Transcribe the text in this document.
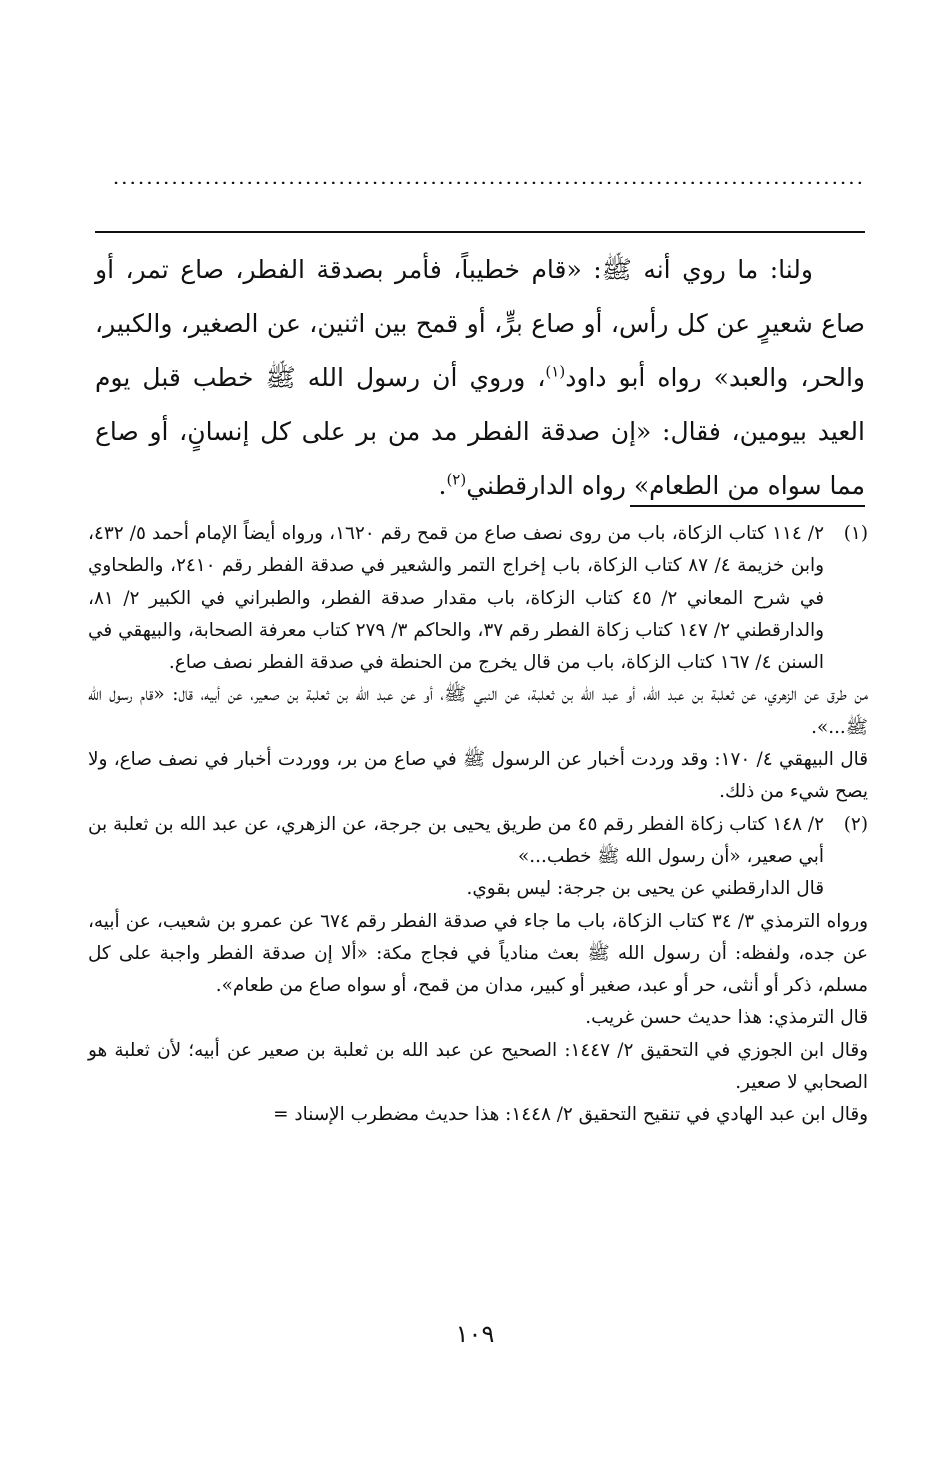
..........................................................................................

ولنا: ما روي أنه ﷺ: «قام خطيباً، فأمر بصدقة الفطر، صاع تمر، أو صاع شعيرٍ عن كل رأس، أو صاع برٍّ، أو قمح بين اثنين، عن الصغير، والكبير، والحر، والعبد» رواه أبو داود$^{(١)}$، وروي أن رسول الله ﷺ خطب قبل يوم العيد بيومين، فقال: «إن صدقة الفطر مد من بر على كل إنسانٍ، أو صاع مما سواه من الطعام» رواه الدارقطني$^{(٢)}$.

(١)

٢/ ١١٤ كتاب الزكاة، باب من روى نصف صاع من قمح رقم ١٦٢٠، ورواه أيضاً الإمام أحمد ٥/ ٤٣٢، وابن خزيمة ٤/ ٨٧ كتاب الزكاة، باب إخراج التمر والشعير في صدقة الفطر رقم ٢٤١٠، والطحاوي في شرح المعاني ٢/ ٤٥ كتاب الزكاة، باب مقدار صدقة الفطر، والطبراني في الكبير ٢/ ٨١، والدارقطني ٢/ ١٤٧ كتاب زكاة الفطر رقم ٣٧، والحاكم ٣/ ٢٧٩ كتاب معرفة الصحابة، والبيهقي في السنن ٤/ ١٦٧ كتاب الزكاة، باب من قال يخرج من الحنطة في صدقة الفطر نصف صاع.

من طرق عن الزهري، عن ثعلبة بن عبد الله، أو عبد الله بن ثعلبة، عن النبي ﷺ، أو عن عبد الله بن ثعلبة بن صعير، عن أبيه، قال: «قام رسول الله ﷺ...».

قال البيهقي ٤/ ١٧٠: وقد وردت أخبار عن الرسول ﷺ في صاع من بر، ووردت أخبار في نصف صاع، ولا يصح شيء من ذلك.

(٢)

٢/ ١٤٨ كتاب زكاة الفطر رقم ٤٥ من طريق يحيى بن جرجة، عن الزهري، عن عبد الله بن ثعلبة بن أبي صعير، «أن رسول الله ﷺ خطب...»

قال الدارقطني عن يحيى بن جرجة: ليس بقوي.

ورواه الترمذي ٣/ ٣٤ كتاب الزكاة، باب ما جاء في صدقة الفطر رقم ٦٧٤ عن عمرو بن شعيب، عن أبيه، عن جده، ولفظه: أن رسول الله ﷺ بعث منادياً في فجاج مكة: «ألا إن صدقة الفطر واجبة على كل مسلم، ذكر أو أنثى، حر أو عبد، صغير أو كبير، مدان من قمح، أو سواه صاع من طعام».

قال الترمذي: هذا حديث حسن غريب.

وقال ابن الجوزي في التحقيق ٢/ ١٤٤٧: الصحيح عن عبد الله بن ثعلبة بن صعير عن أبيه؛ لأن ثعلبة هو الصحابي لا صعير.

وقال ابن عبد الهادي في تنقيح التحقيق ٢/ ١٤٤٨: هذا حديث مضطرب الإسناد =

١٠٩
